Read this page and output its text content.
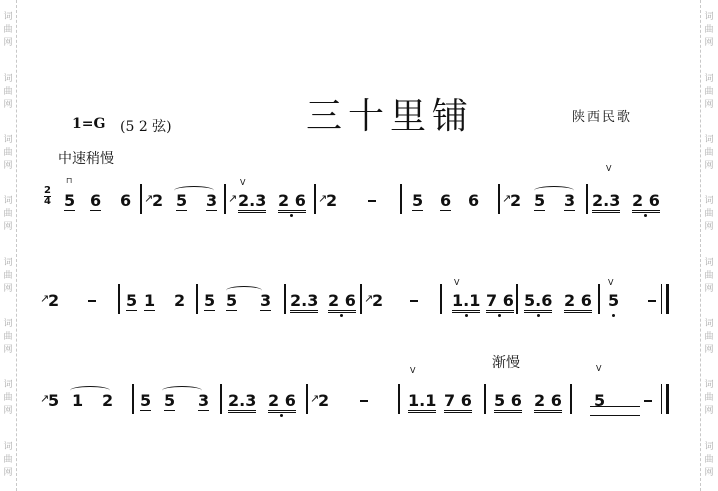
词
曲
网
词
曲
网
词
曲
网
词
曲
网
词
曲
网
词
曲
网
词
曲
网
词
曲
网
词
曲
网
词
曲
网
词
曲
网
词
曲
网
词
曲
网
词
曲
网
词
曲
网
词
曲
网
三十里铺	陕西民歌
1=G (5 2 弦)
中速稍慢
2
4
⊓
5 6 6 ↗
2 5 3 ↗
V
2.3 2 6 ↗
2	5 6 6 ↗
2 5 3
V
2.3 2 6
↗
2	5 1 2 5 5 3 2.3 2 6 ↗
2
V
1.1 7 6 5.6 2 6
V
5
渐慢
↗
5 1 2 5 5 3 2.3 2 6 ↗
2
V
1.1 7 6 5 6 2 6
V
5
